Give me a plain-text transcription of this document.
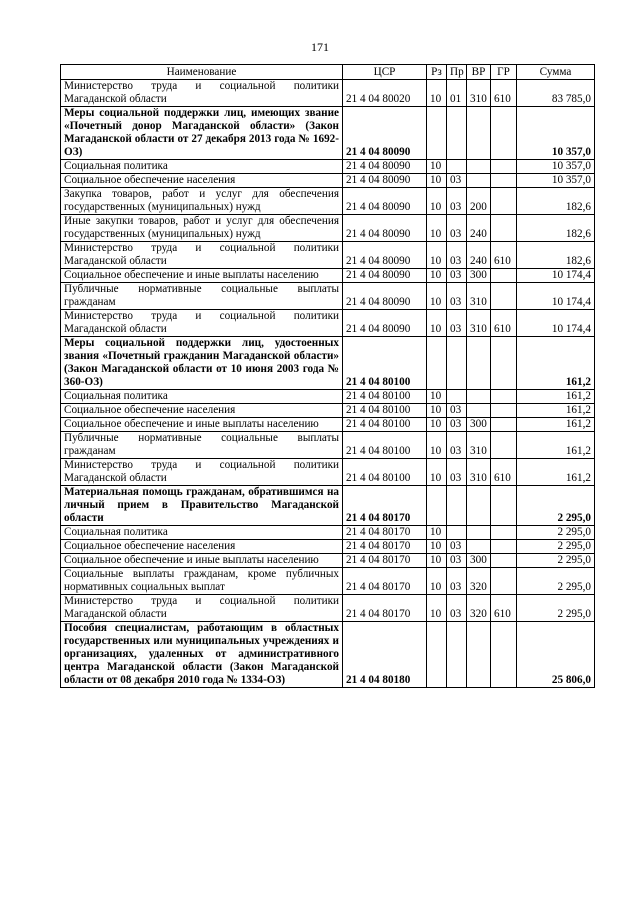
171
Наименование	ЦСР	Рз	Пр	ВР	ГР	Сумма
Министерство труда и социальной политики Магаданской области	21 4 04 80020	10	01	310	610	83 785,0
Меры социальной поддержки лиц, имеющих звание «Почетный донор Магаданской области» (Закон Магаданской области от 27 декабря 2013 года № 1692-ОЗ)	21 4 04 80090					10 357,0
Социальная политика	21 4 04 80090	10				10 357,0
Социальное обеспечение населения	21 4 04 80090	10	03			10 357,0
Закупка товаров, работ и услуг для обеспечения государственных (муниципальных) нужд	21 4 04 80090	10	03	200		182,6
Иные закупки товаров, работ и услуг для обеспечения государственных (муниципальных) нужд	21 4 04 80090	10	03	240		182,6
Министерство труда и социальной политики Магаданской области	21 4 04 80090	10	03	240	610	182,6
Социальное обеспечение и иные выплаты населению	21 4 04 80090	10	03	300		10 174,4
Публичные нормативные социальные выплаты гражданам	21 4 04 80090	10	03	310		10 174,4
Министерство труда и социальной политики Магаданской области	21 4 04 80090	10	03	310	610	10 174,4
Меры социальной поддержки лиц, удостоенных звания «Почетный гражданин Магаданской области» (Закон Магаданской области от 10 июня 2003 года № 360-ОЗ)	21 4 04 80100					161,2
Социальная политика	21 4 04 80100	10				161,2
Социальное обеспечение населения	21 4 04 80100	10	03			161,2
Социальное обеспечение и иные выплаты населению	21 4 04 80100	10	03	300		161,2
Публичные нормативные социальные выплаты гражданам	21 4 04 80100	10	03	310		161,2
Министерство труда и социальной политики Магаданской области	21 4 04 80100	10	03	310	610	161,2
Материальная помощь гражданам, обратившимся на личный прием в Правительство Магаданской области	21 4 04 80170					2 295,0
Социальная политика	21 4 04 80170	10				2 295,0
Социальное обеспечение населения	21 4 04 80170	10	03			2 295,0
Социальное обеспечение и иные выплаты населению	21 4 04 80170	10	03	300		2 295,0
Социальные выплаты гражданам, кроме публичных нормативных социальных выплат	21 4 04 80170	10	03	320		2 295,0
Министерство труда и социальной политики Магаданской области	21 4 04 80170	10	03	320	610	2 295,0
Пособия специалистам, работающим в областных государственных или муниципальных учреждениях и организациях, удаленных от административного центра Магаданской области (Закон Магаданской области от 08 декабря 2010 года № 1334-ОЗ)	21 4 04 80180					25 806,0
